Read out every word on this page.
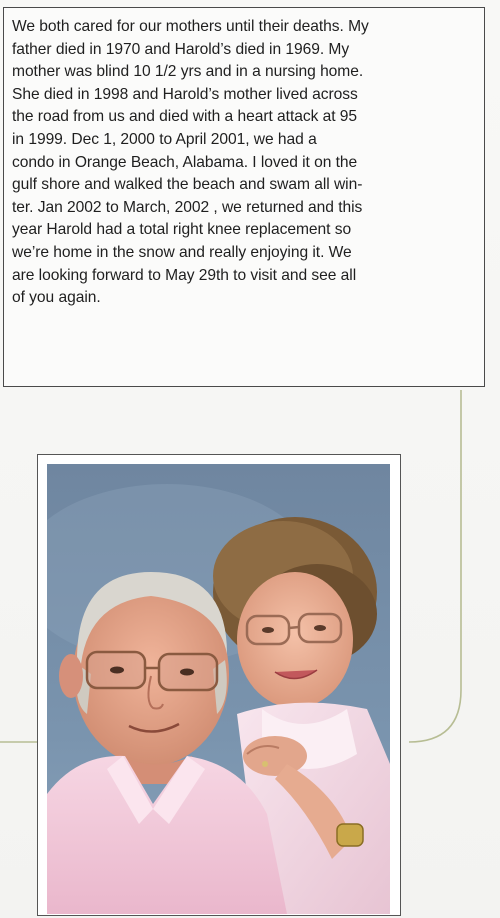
We both cared for our mothers until their deaths. My
father died in 1970 and Harold’s died in 1969. My
mother was blind 10 1/2 yrs and in a nursing home.
She died in 1998 and Harold’s mother lived across
the road from us and died with a heart attack at 95
in 1999. Dec 1, 2000 to April 2001, we had a
condo in Orange Beach, Alabama. I loved it on the
gulf shore and walked the beach and swam all win-
ter. Jan 2002 to March, 2002 , we returned and this
year Harold had a total right knee replacement so
we’re home in the snow and really enjoying it. We
are looking forward to May 29th to visit and see all
of you again.
